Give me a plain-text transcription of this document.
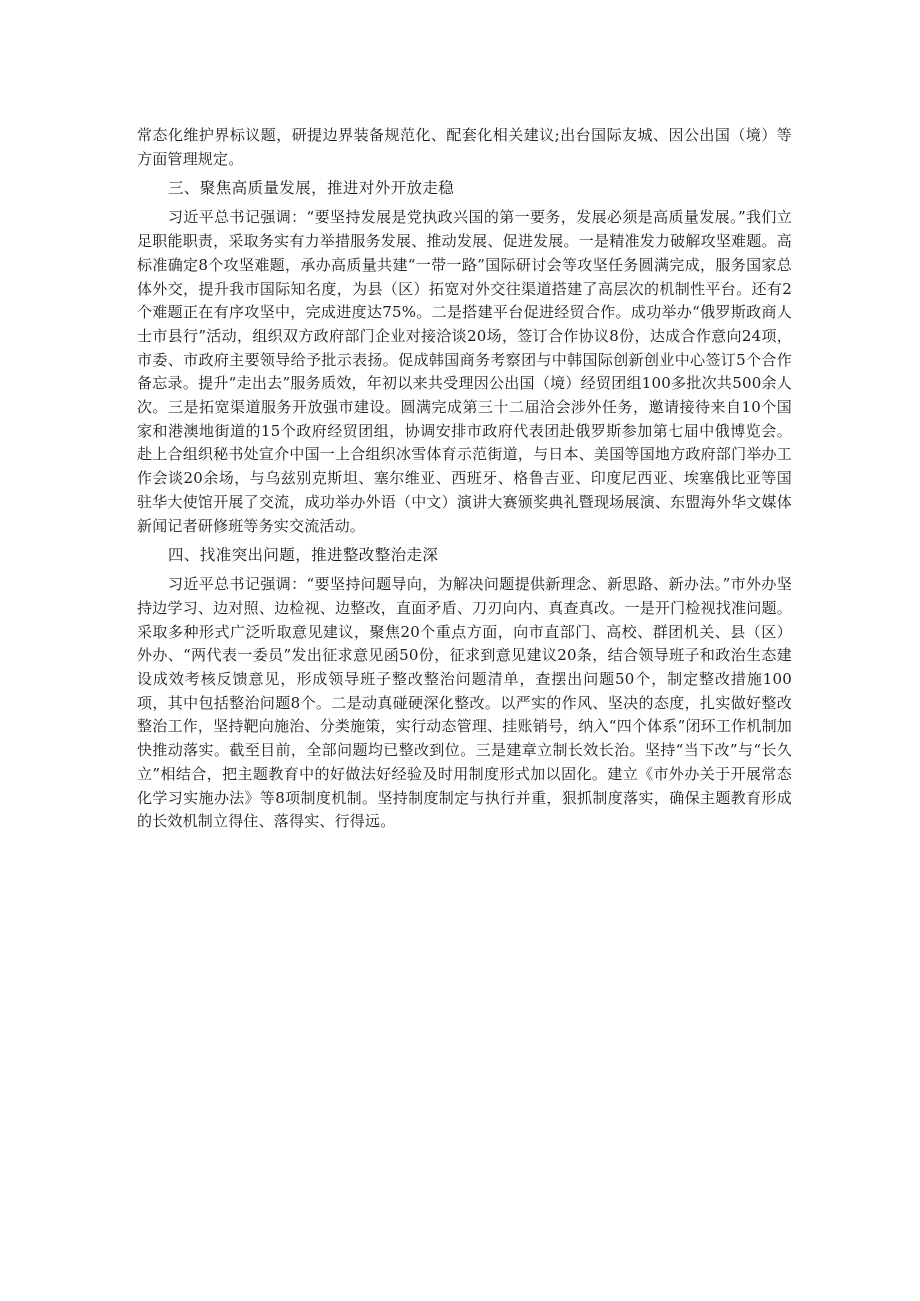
常态化维护界标议题，研提边界装备规范化、配套化相关建议;出台国际友城、因公出国（境）等方面管理规定。

三、聚焦高质量发展，推进对外开放走稳

习近平总书记强调：“要坚持发展是党执政兴国的第一要务，发展必须是高质量发展。”我们立足职能职责，采取务实有力举措服务发展、推动发展、促进发展。一是精准发力破解攻坚难题。高标准确定8个攻坚难题，承办高质量共建“一带一路”国际研讨会等攻坚任务圆满完成，服务国家总体外交，提升我市国际知名度，为县（区）拓宽对外交往渠道搭建了高层次的机制性平台。还有2个难题正在有序攻坚中，完成进度达75%。二是搭建平台促进经贸合作。成功举办“俄罗斯政商人士市县行”活动，组织双方政府部门企业对接洽谈20场，签订合作协议8份，达成合作意向24项，市委、市政府主要领导给予批示表扬。促成韩国商务考察团与中韩国际创新创业中心签订5个合作备忘录。提升“走出去”服务质效，年初以来共受理因公出国（境）经贸团组100多批次共500余人次。三是拓宽渠道服务开放强市建设。圆满完成第三十二届洽会涉外任务，邀请接待来自10个国家和港澳地街道的15个政府经贸团组，协调安排市政府代表团赴俄罗斯参加第七届中俄博览会。赴上合组织秘书处宣介中国一上合组织冰雪体育示范街道，与日本、美国等国地方政府部门举办工作会谈20余场，与乌兹别克斯坦、塞尔维亚、西班牙、格鲁吉亚、印度尼西亚、埃塞俄比亚等国驻华大使馆开展了交流，成功举办外语（中文）演讲大赛颁奖典礼暨现场展演、东盟海外华文媒体新闻记者研修班等务实交流活动。

四、找准突出问题，推进整改整治走深

习近平总书记强调：“要坚持问题导向，为解决问题提供新理念、新思路、新办法。”市外办坚持边学习、边对照、边检视、边整改，直面矛盾、刀刃向内、真查真改。一是开门检视找准问题。采取多种形式广泛听取意见建议，聚焦20个重点方面，向市直部门、高校、群团机关、县（区）外办、“两代表一委员”发出征求意见函50份，征求到意见建议20条，结合领导班子和政治生态建设成效考核反馈意见，形成领导班子整改整治问题清单，查摆出问题50个，制定整改措施100项，其中包括整治问题8个。二是动真碰硬深化整改。以严实的作风、坚决的态度，扎实做好整改整治工作，坚持靶向施治、分类施策，实行动态管理、挂账销号，纳入“四个体系”闭环工作机制加快推动落实。截至目前，全部问题均已整改到位。三是建章立制长效长治。坚持“当下改”与“长久立”相结合，把主题教育中的好做法好经验及时用制度形式加以固化。建立《市外办关于开展常态化学习实施办法》等8项制度机制。坚持制度制定与执行并重，狠抓制度落实，确保主题教育形成的长效机制立得住、落得实、行得远。
